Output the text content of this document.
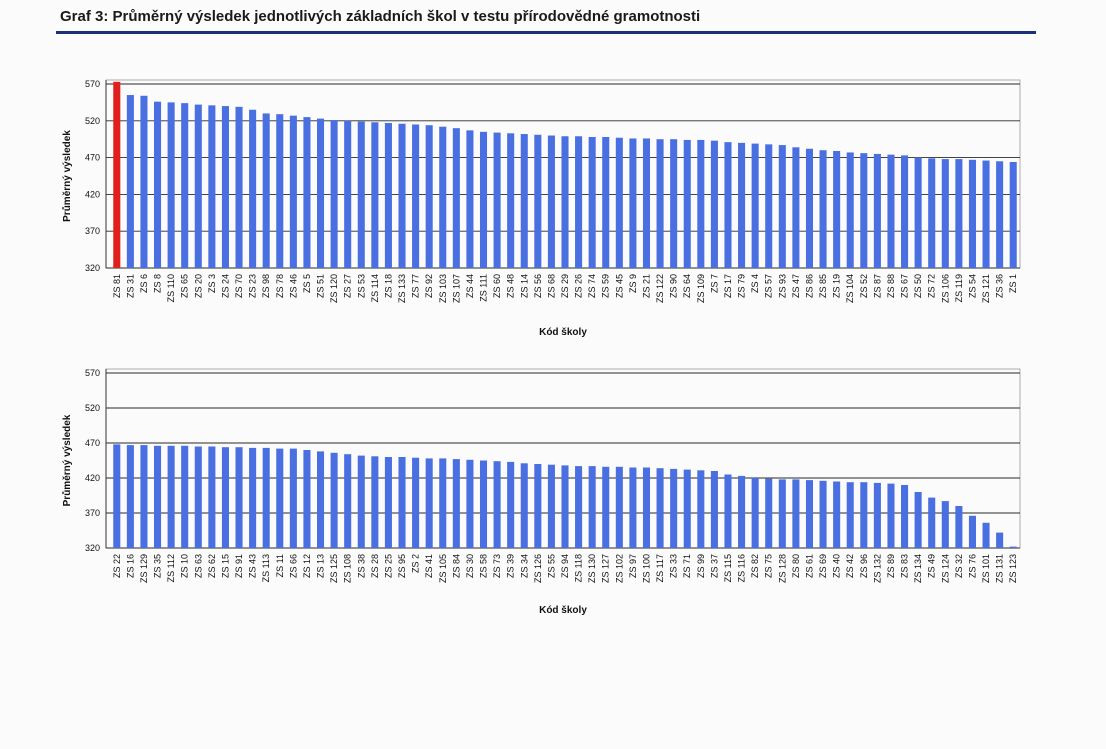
Graf 3: Průměrný výsledek jednotlivých základních škol v testu přírodovědné gramotnosti
320
370
420
470
520
570
ZS 81 ZS 31 ZS 6 ZS 8 ZS 110 ZS 65 ZS 20 ZS 3 ZS 24 ZS 70 ZS 23 ZS 98 ZS 78 ZS 46 ZS 5 ZS 51 ZS 120 ZS 27 ZS 53 ZS 114 ZS 18 ZS 133 ZS 77 ZS 92 ZS 103 ZS 107 ZS 44 ZS 111 ZS 60 ZS 48 ZS 14 ZS 56 ZS 68 ZS 29 ZS 26 ZS 74 ZS 59 ZS 45 ZS 9 ZS 21 ZS 122 ZS 90 ZS 64 ZS 109 ZS 7 ZS 17 ZS 79 ZS 4 ZS 57 ZS 93 ZS 47 ZS 86 ZS 85 ZS 19 ZS 104 ZS 52 ZS 87 ZS 88 ZS 67 ZS 50 ZS 72 ZS 106 ZS 119 ZS 54 ZS 121 ZS 36 ZS 1
Kód školy
Průměrný výsledek
320
370
420
470
520
570
ZS 22 ZS 16 ZS 129 ZS 35 ZS 112 ZS 10 ZS 63 ZS 62 ZS 15 ZS 91 ZS 43 ZS 113 ZS 11 ZS 66 ZS 12 ZS 13 ZS 125 ZS 108 ZS 38 ZS 28 ZS 25 ZS 95 ZS 2 ZS 41 ZS 105 ZS 84 ZS 30 ZS 58 ZS 73 ZS 39 ZS 34 ZS 126 ZS 55 ZS 94 ZS 118 ZS 130 ZS 127 ZS 102 ZS 97 ZS 100 ZS 117 ZS 33 ZS 71 ZS 99 ZS 37 ZS 115 ZS 116 ZS 82 ZS 75 ZS 128 ZS 80 ZS 61 ZS 69 ZS 40 ZS 42 ZS 96 ZS 132 ZS 89 ZS 83 ZS 134 ZS 49 ZS 124 ZS 32 ZS 76 ZS 101 ZS 131 ZS 123
Kód školy
Průměrný výsledek
